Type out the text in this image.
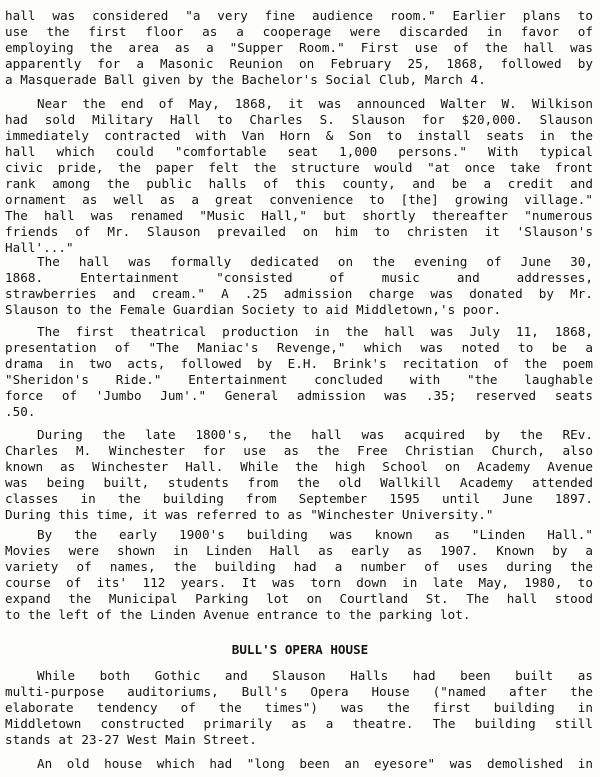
hall was considered "a very fine audience room." Earlier plans to
use the first floor as a cooperage were discarded in favor of
employing the area as a "Supper Room." First use of the hall was
apparently for a Masonic Reunion on February 25, 1868, followed by
a Masquerade Ball given by the Bachelor's Social Club, March 4.
Near the end of May, 1868, it was announced Walter W. Wilkison
had sold Military Hall to Charles S. Slauson for $20,000. Slauson
immediately contracted with Van Horn & Son to install seats in the
hall which could "comfortable seat 1,000 persons." With typical
civic pride, the paper felt the structure would "at once take front
rank among the public halls of this county, and be a credit and
ornament as well as a great convenience to [the] growing village."
The hall was renamed "Music Hall," but shortly thereafter "numerous
friends of Mr. Slauson prevailed on him to christen it 'Slauson's
Hall'..."
The hall was formally dedicated on the evening of June 30,
1868. Entertainment "consisted of music and addresses,
strawberries and cream." A .25 admission charge was donated by Mr.
Slauson to the Female Guardian Society to aid Middletown,'s poor.
The first theatrical production in the hall was July 11, 1868,
presentation of "The Maniac's Revenge," which was noted to be a
drama in two acts, followed by E.H. Brink's recitation of the poem
"Sheridon's Ride." Entertainment concluded with "the laughable
force of 'Jumbo Jum'." General admission was .35; reserved seats
.50.
During the late 1800's, the hall was acquired by the REv.
Charles M. Winchester for use as the Free Christian Church, also
known as Winchester Hall. While the high School on Academy Avenue
was being built, students from the old Wallkill Academy attended
classes in the building from September 1595 until June 1897.
During this time, it was referred to as "Winchester University."
By the early 1900's building was known as "Linden Hall."
Movies were shown in Linden Hall as early as 1907. Known by a
variety of names, the building had a number of uses during the
course of its' 112 years. It was torn down in late May, 1980, to
expand the Municipal Parking lot on Courtland St. The hall stood
to the left of the Linden Avenue entrance to the parking lot.
While both Gothic and Slauson Halls had been built as
multi-purpose auditoriums, Bull's Opera House ("named after the
elaborate tendency of the times") was the first building in
Middletown constructed primarily as a theatre. The building still
stands at 23-27 West Main Street.
An old house which had "long been an eyesore" was demolished in
BULL'S OPERA HOUSE
